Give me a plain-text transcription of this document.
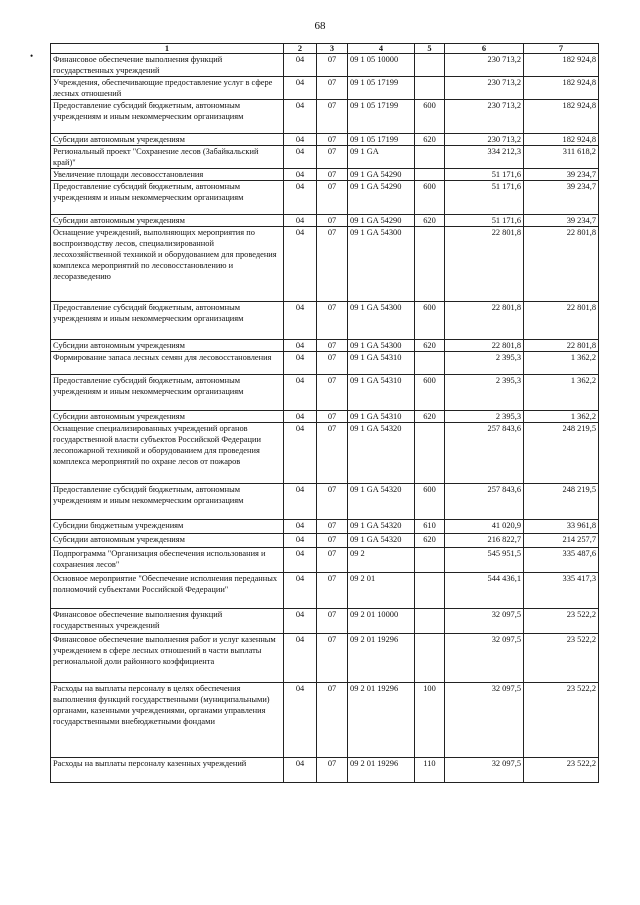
68
•
1	2	3	4	5	6	7
Финансовое обеспечение выполнения функций государственных учреждений	04	07	09 1 05 10000		230 713,2	182 924,8
Учреждения, обеспечивающие предоставление услуг в сфере лесных отношений	04	07	09 1 05 17199		230 713,2	182 924,8
Предоставление субсидий бюджетным, автономным учреждениям и иным некоммерческим организациям	04	07	09 1 05 17199	600	230 713,2	182 924,8
Субсидии автономным учреждениям	04	07	09 1 05 17199	620	230 713,2	182 924,8
Региональный проект "Сохранение лесов (Забайкальский край)"	04	07	09 1 GA		334 212,3	311 618,2
Увеличение площади лесовосстановления	04	07	09 1 GA 54290		51 171,6	39 234,7
Предоставление субсидий бюджетным, автономным учреждениям и иным некоммерческим организациям	04	07	09 1 GA 54290	600	51 171,6	39 234,7
Субсидии автономным учреждениям	04	07	09 1 GA 54290	620	51 171,6	39 234,7
Оснащение учреждений, выполняющих мероприятия по воспроизводству лесов, специализированной лесохозяйственной техникой и оборудованием для проведения комплекса мероприятий по лесовосстановлению и лесоразведению	04	07	09 1 GA 54300		22 801,8	22 801,8
Предоставление субсидий бюджетным, автономным учреждениям и иным некоммерческим организациям	04	07	09 1 GA 54300	600	22 801,8	22 801,8
Субсидии автономным учреждениям	04	07	09 1 GA 54300	620	22 801,8	22 801,8
Формирование запаса лесных семян для лесовосстановления	04	07	09 1 GA 54310		2 395,3	1 362,2
Предоставление субсидий бюджетным, автономным учреждениям и иным некоммерческим организациям	04	07	09 1 GA 54310	600	2 395,3	1 362,2
Субсидии автономным учреждениям	04	07	09 1 GA 54310	620	2 395,3	1 362,2
Оснащение специализированных учреждений органов государственной власти субъектов Российской Федерации лесопожарной техникой и оборудованием для проведения комплекса мероприятий по охране лесов от пожаров	04	07	09 1 GA 54320		257 843,6	248 219,5
Предоставление субсидий бюджетным, автономным учреждениям и иным некоммерческим организациям	04	07	09 1 GA 54320	600	257 843,6	248 219,5
Субсидии бюджетным учреждениям	04	07	09 1 GA 54320	610	41 020,9	33 961,8
Субсидии автономным учреждениям	04	07	09 1 GA 54320	620	216 822,7	214 257,7
Подпрограмма "Организация обеспечения использования и сохранения лесов"	04	07	09 2		545 951,5	335 487,6
Основное мероприятие "Обеспечение исполнения переданных полномочий субъектами Российской Федерации"	04	07	09 2 01		544 436,1	335 417,3
Финансовое обеспечение выполнения функций государственных учреждений	04	07	09 2 01 10000		32 097,5	23 522,2
Финансовое обеспечение выполнения работ и услуг казенным учреждением в сфере лесных отношений в части выплаты региональной доли районного коэффициента	04	07	09 2 01 19296		32 097,5	23 522,2
Расходы на выплаты персоналу в целях обеспечения выполнения функций государственными (муниципальными) органами, казенными учреждениями, органами управления государственными внебюджетными фондами	04	07	09 2 01 19296	100	32 097,5	23 522,2
Расходы на выплаты персоналу казенных учреждений	04	07	09 2 01 19296	110	32 097,5	23 522,2
